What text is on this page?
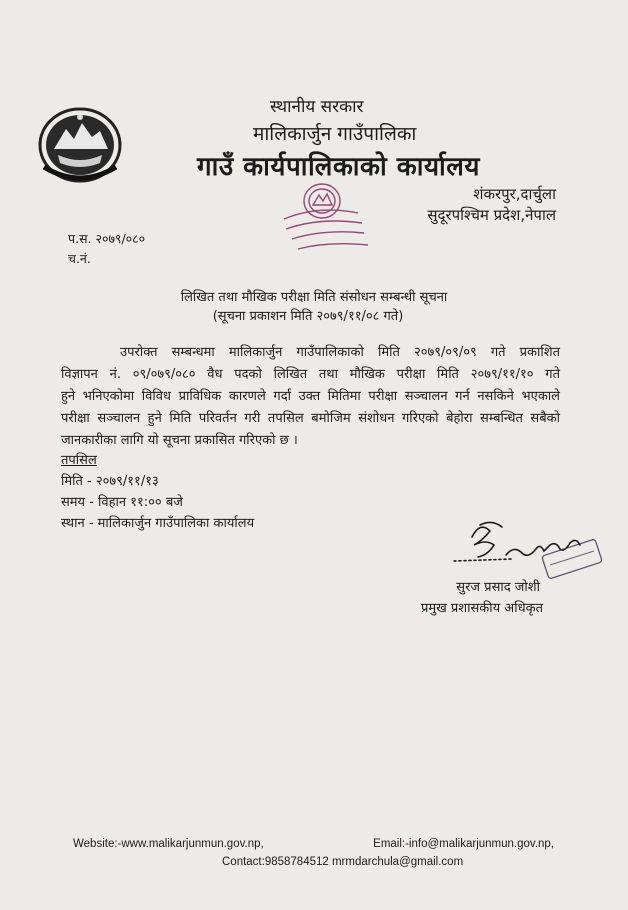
स्थानीय सरकार
मालिकार्जुन गाउँपालिका
गाउँ कार्यपालिकाको कार्यालय
शंकरपुर,दार्चुला
सुदूरपश्चिम प्रदेश,नेपाल
प.स. २०७९/०८०
च.नं.
लिखित तथा मौखिक परीक्षा मिति संसोधन सम्बन्धी सूचना
(सूचना प्रकाशन मिति २०७९/११/०८ गते)
उपरोक्त सम्बन्धमा मालिकार्जुन गाउँपालिकाको मिति २०७९/०९/०९ गते प्रकाशित
विज्ञापन नं. ०९/०७९/०८० वैध पदको लिखित तथा मौखिक परीक्षा मिति २०७९/११/१० गते
हुने भनिएकोमा विविध प्राविधिक कारणले गर्दा उक्त मितिमा परीक्षा सञ्चालन गर्न नसकिने भएकाले
परीक्षा सञ्चालन हुने मिति परिवर्तन गरी तपसिल बमोजिम संशोधन गरिएको बेहोरा सम्बन्धित सबैको
जानकारीका लागि यो सूचना प्रकासित गरिएको छ ।
तपसिल
मिति - २०७९/११/१३
समय - विहान ११:०० बजे
स्थान - मालिकार्जुन गाउँपालिका कार्यालय
सुरज प्रसाद जोशी
प्रमुख प्रशासकीय अधिकृत
Website:-www.malikarjunmun.gov.np,	Email:-info@malikarjunmun.gov.np,
Contact:9858784512 mrmdarchula@gmail.com
